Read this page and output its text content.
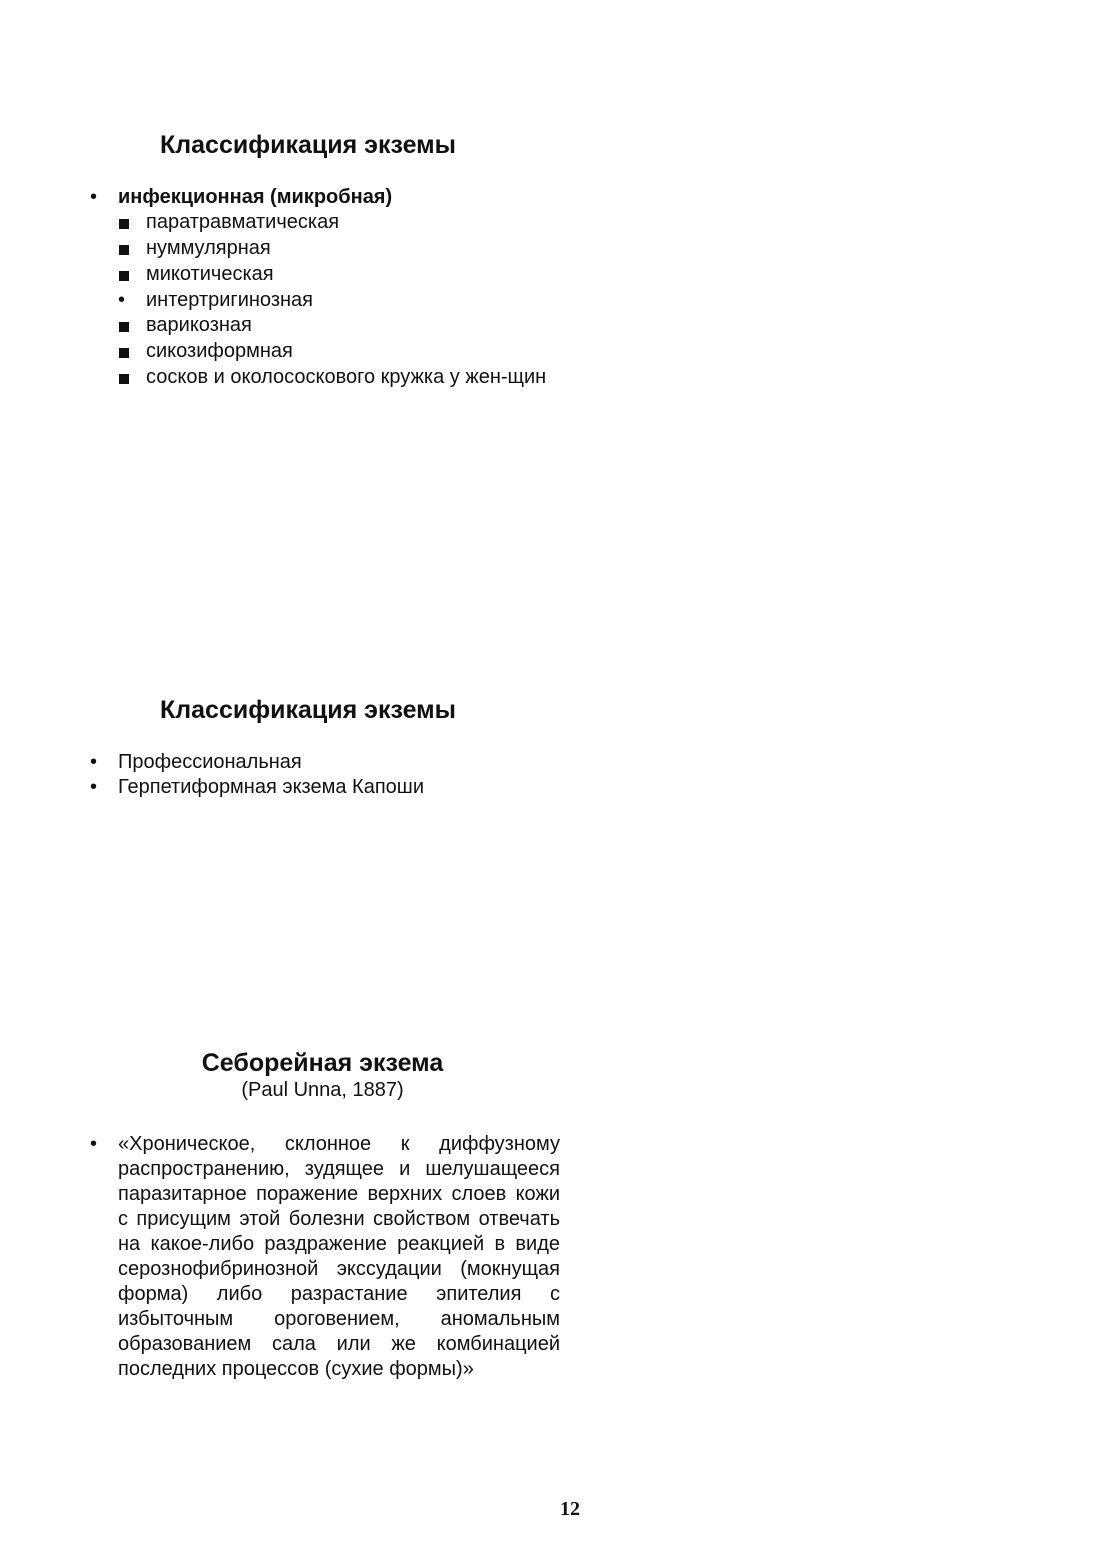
Классификация экземы
•
инфекционная (микробная)
паратравматическая
нуммулярная
микотическая
•
интертригинозная
варикозная
сикозиформная
сосков и околососкового кружка у жен-щин
Классификация экземы
•
Профессиональная
•
Герпетиформная экзема Капоши
Себорейная экзема

(Paul Unna, 1887)

•
«Хроническое, склонное к диффузному распространению, зудящее и шелушащееся паразитарное поражение верхних слоев кожи с присущим этой болезни свойством отвечать на какое-либо раздражение реакцией в виде серознофибринозной экссудации (мокнущая форма) либо разрастание эпителия с избыточным ороговением, аномальным образованием сала или же комбинацией последних процессов (сухие формы)»
12
